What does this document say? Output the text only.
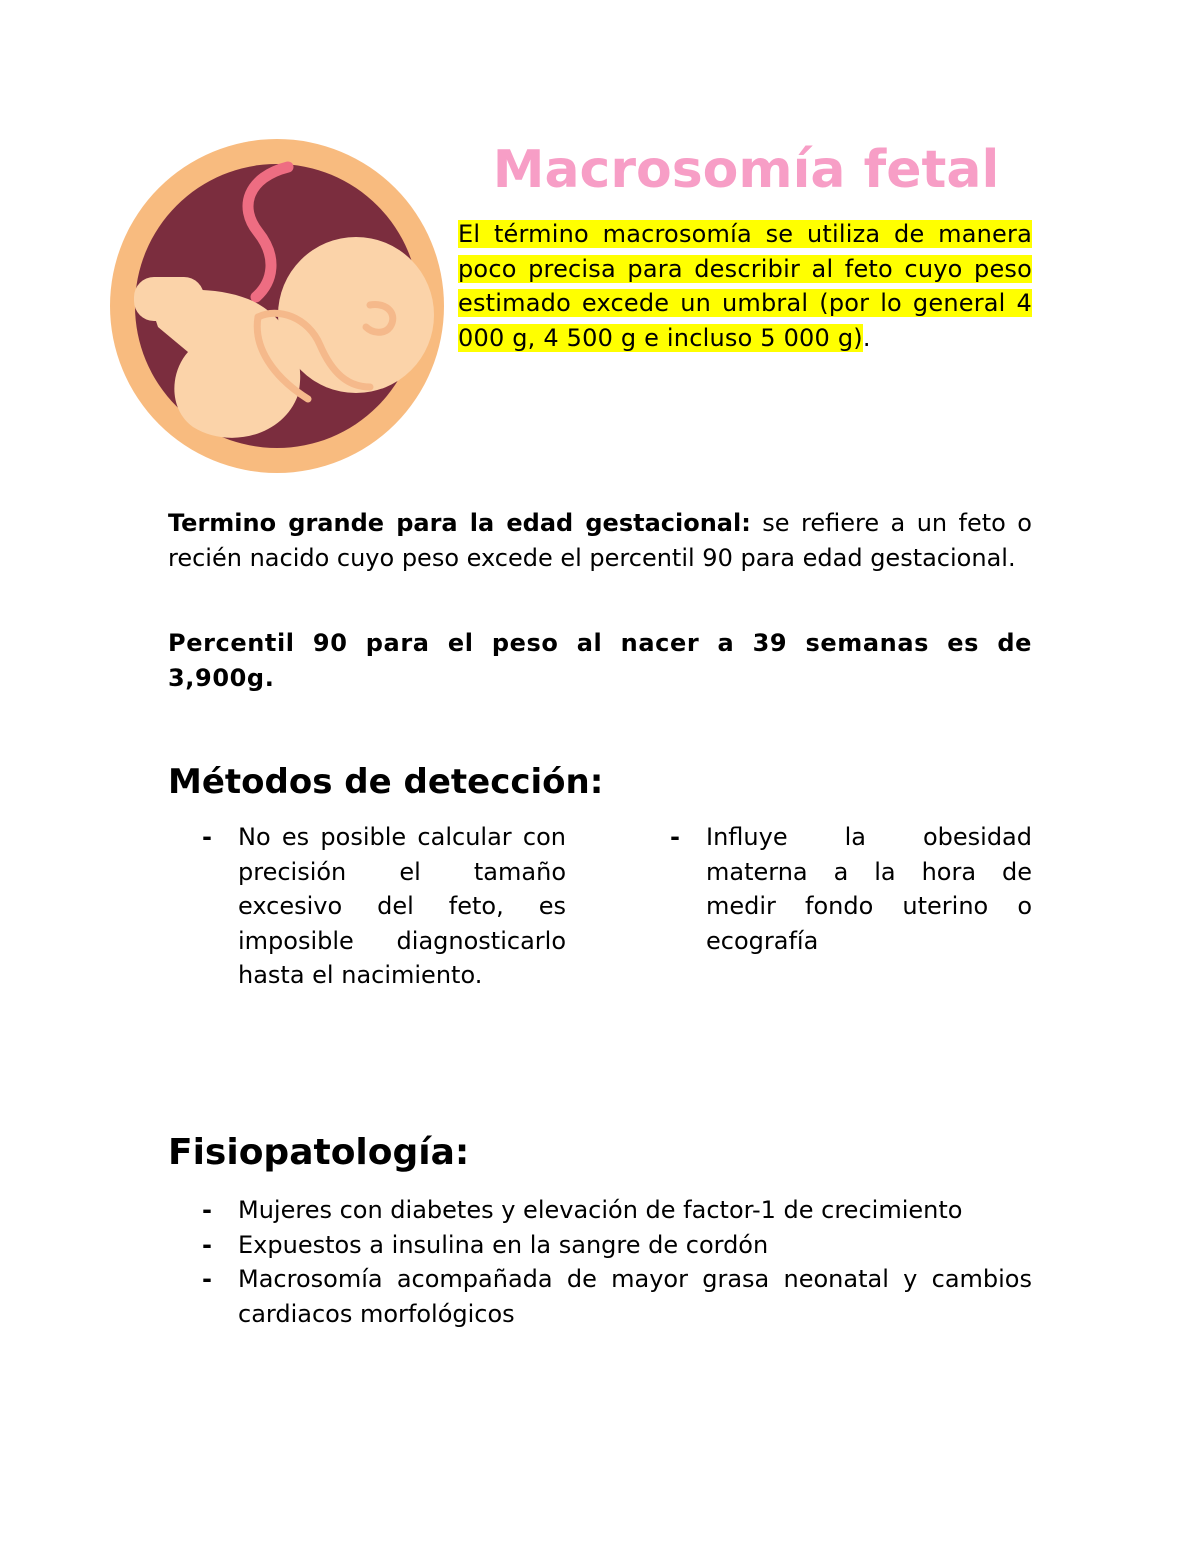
Macrosomía fetal

El término macrosomía se utiliza de manera poco precisa para describir al feto cuyo peso estimado excede un umbral (por lo general 4 000 g, 4 500 g e incluso 5 000 g).

Termino grande para la edad gestacional: se refiere a un feto o recién nacido cuyo peso excede el percentil 90 para edad gestacional.

Percentil 90 para el peso al nacer a 39 semanas es de 3,900g.

Métodos de detección:
- No es posible calcular con precisión el tamaño excesivo del feto, es imposible diagnosticarlo hasta el nacimiento.
- Influye la obesidad materna a la hora de medir fondo uterino o ecografía
Fisiopatología:
- Mujeres con diabetes y elevación de factor-1 de crecimiento
- Expuestos a insulina en la sangre de cordón
- Macrosomía acompañada de mayor grasa neonatal y cambios cardiacos morfológicos
